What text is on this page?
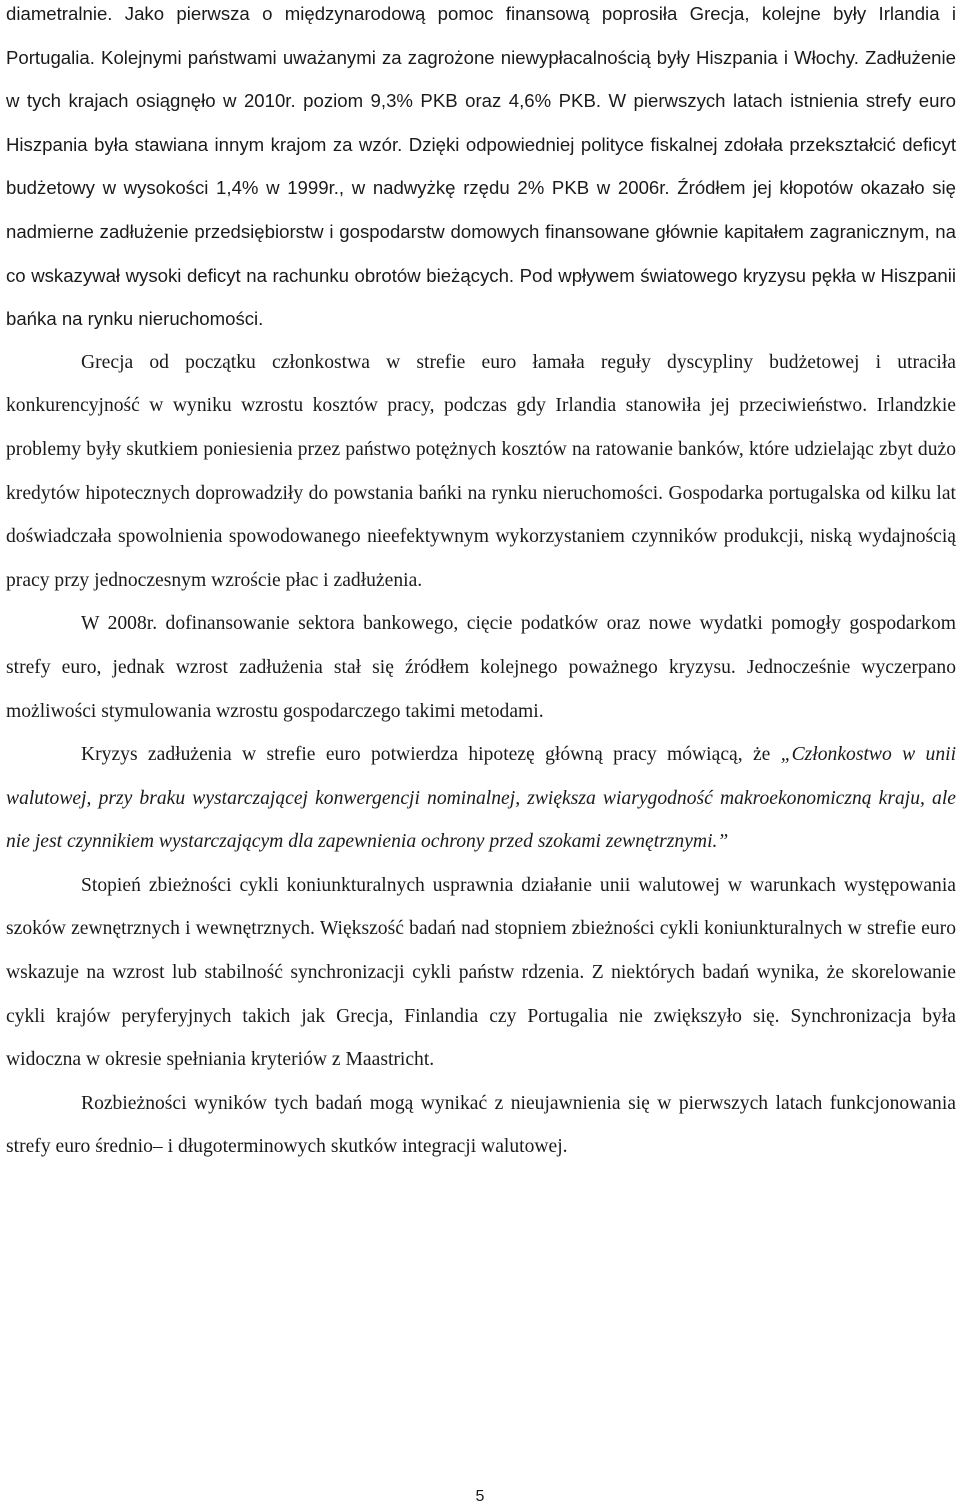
diametralnie. Jako pierwsza o międzynarodową pomoc finansową poprosiła Grecja, kolejne były Irlandia i Portugalia. Kolejnymi państwami uważanymi za zagrożone niewypłacalnością były Hiszpania i Włochy. Zadłużenie w tych krajach osiągnęło w 2010r. poziom 9,3% PKB oraz 4,6% PKB. W pierwszych latach istnienia strefy euro Hiszpania była stawiana innym krajom za wzór. Dzięki odpowiedniej polityce fiskalnej zdołała przekształcić deficyt budżetowy w wysokości 1,4% w 1999r., w nadwyżkę rzędu 2% PKB w 2006r. Źródłem jej kłopotów okazało się nadmierne zadłużenie przedsiębiorstw i gospodarstw domowych finansowane głównie kapitałem zagranicznym, na co wskazywał wysoki deficyt na rachunku obrotów bieżących. Pod wpływem światowego kryzysu pękła w Hiszpanii bańka na rynku nieruchomości.

Grecja od początku członkostwa w strefie euro łamała reguły dyscypliny budżetowej i utraciła konkurencyjność w wyniku wzrostu kosztów pracy, podczas gdy Irlandia stanowiła jej przeciwieństwo. Irlandzkie problemy były skutkiem poniesienia przez państwo potężnych kosztów na ratowanie banków, które udzielając zbyt dużo kredytów hipotecznych doprowadziły do powstania bańki na rynku nieruchomości. Gospodarka portugalska od kilku lat doświadczała spowolnienia spowodowanego nieefektywnym wykorzystaniem czynników produkcji, niską wydajnością pracy przy jednoczesnym wzroście płac i zadłużenia.

W 2008r. dofinansowanie sektora bankowego, cięcie podatków oraz nowe wydatki pomogły gospodarkom strefy euro, jednak wzrost zadłużenia stał się źródłem kolejnego poważnego kryzysu. Jednocześnie wyczerpano możliwości stymulowania wzrostu gospodarczego takimi metodami.

Kryzys zadłużenia w strefie euro potwierdza hipotezę główną pracy mówiącą, że „Członkostwo w unii walutowej, przy braku wystarczającej konwergencji nominalnej, zwiększa wiarygodność makroekonomiczną kraju, ale nie jest czynnikiem wystarczającym dla zapewnienia ochrony przed szokami zewnętrznymi.”

Stopień zbieżności cykli koniunkturalnych usprawnia działanie unii walutowej w warunkach występowania szoków zewnętrznych i wewnętrznych. Większość badań nad stopniem zbieżności cykli koniunkturalnych w strefie euro wskazuje na wzrost lub stabilność synchronizacji cykli państw rdzenia. Z niektórych badań wynika, że skorelowanie cykli krajów peryferyjnych takich jak Grecja, Finlandia czy Portugalia nie zwiększyło się. Synchronizacja była widoczna w okresie spełniania kryteriów z Maastricht.

Rozbieżności wyników tych badań mogą wynikać z nieujawnienia się w pierwszych latach funkcjonowania strefy euro średnio– i długoterminowych skutków integracji walutowej.

5
